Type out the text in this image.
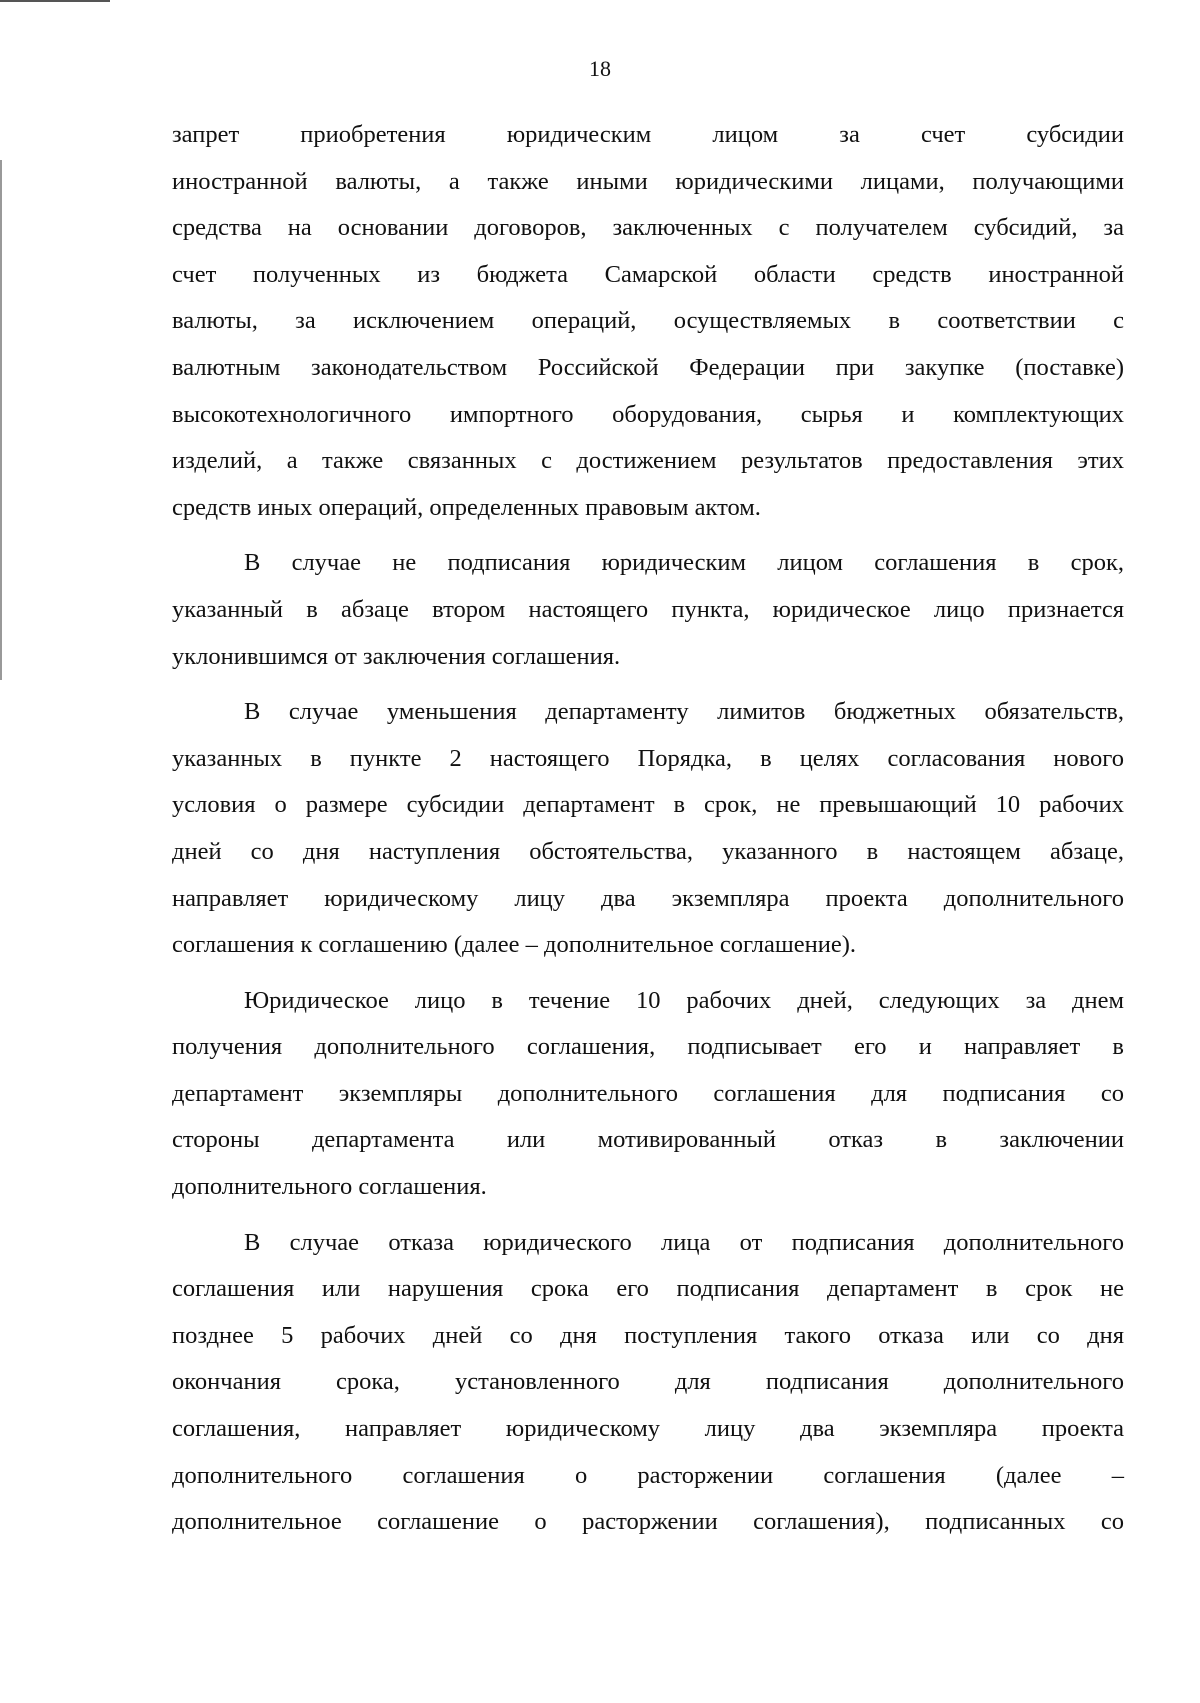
18

запрет приобретения юридическим лицом за счет субсидии
иностранной валюты, а также иными юридическими лицами, получающими
средства на основании договоров, заключенных с получателем субсидий, за
счет полученных из бюджета Самарской области средств иностранной
валюты, за исключением операций, осуществляемых в соответствии с
валютным законодательством Российской Федерации при закупке (поставке)
высокотехнологичного импортного оборудования, сырья и комплектующих
изделий, а также связанных с достижением результатов предоставления этих
средств иных операций, определенных правовым актом.

В случае не подписания юридическим лицом соглашения в срок,
указанный в абзаце втором настоящего пункта, юридическое лицо признается
уклонившимся от заключения соглашения.

В случае уменьшения департаменту лимитов бюджетных обязательств,
указанных в пункте 2 настоящего Порядка, в целях согласования нового
условия о размере субсидии департамент в срок, не превышающий 10 рабочих
дней со дня наступления обстоятельства, указанного в настоящем абзаце,
направляет юридическому лицу два экземпляра проекта дополнительного
соглашения к соглашению (далее – дополнительное соглашение).

Юридическое лицо в течение 10 рабочих дней, следующих за днем
получения дополнительного соглашения, подписывает его и направляет в
департамент экземпляры дополнительного соглашения для подписания со
стороны департамента или мотивированный отказ в заключении
дополнительного соглашения.

В случае отказа юридического лица от подписания дополнительного
соглашения или нарушения срока его подписания департамент в срок не
позднее 5 рабочих дней со дня поступления такого отказа или со дня
окончания срока, установленного для подписания дополнительного
соглашения, направляет юридическому лицу два экземпляра проекта
дополнительного соглашения о расторжении соглашения (далее –
дополнительное соглашение о расторжении соглашения), подписанных со
